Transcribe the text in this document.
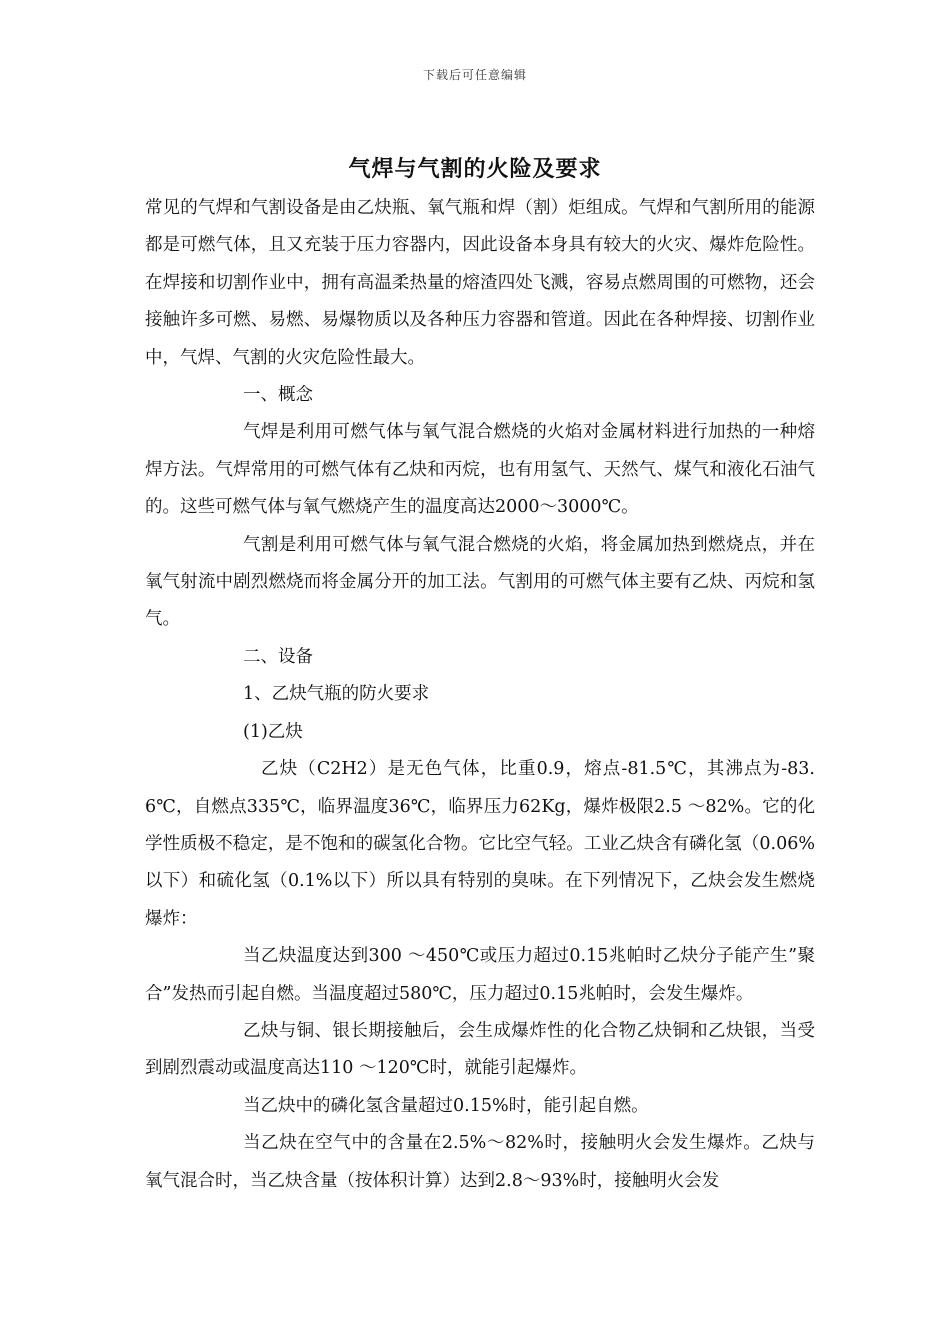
下载后可任意编辑
气焊与气割的火险及要求

常见的气焊和气割设备是由乙炔瓶、氧气瓶和焊（割）炬组成。气焊和气割所用的能源都是可燃气体，且又充装于压力容器内，因此设备本身具有较大的火灾、爆炸危险性。在焊接和切割作业中，拥有高温柔热量的熔渣四处飞溅，容易点燃周围的可燃物，还会接触许多可燃、易燃、易爆物质以及各种压力容器和管道。因此在各种焊接、切割作业中，气焊、气割的火灾危险性最大。

一、概念

气焊是利用可燃气体与氧气混合燃烧的火焰对金属材料进行加热的一种熔焊方法。气焊常用的可燃气体有乙炔和丙烷，也有用氢气、天然气、煤气和液化石油气的。这些可燃气体与氧气燃烧产生的温度高达2000～3000℃。

气割是利用可燃气体与氧气混合燃烧的火焰，将金属加热到燃烧点，并在氧气射流中剧烈燃烧而将金属分开的加工法。气割用的可燃气体主要有乙炔、丙烷和氢气。

二、设备

1、乙炔气瓶的防火要求

(1)乙炔

乙炔（C2H2）是无色气体，比重0.9，熔点-81.5℃，其沸点为-83.6℃，自燃点335℃，临界温度36℃，临界压力62Kg，爆炸极限2.5 ～82%。它的化学性质极不稳定，是不饱和的碳氢化合物。它比空气轻。工业乙炔含有磷化氢（0.06%以下）和硫化氢（0.1%以下）所以具有特别的臭味。在下列情况下，乙炔会发生燃烧爆炸：

当乙炔温度达到300 ～450℃或压力超过0.15兆帕时乙炔分子能产生”聚合”发热而引起自燃。当温度超过580℃，压力超过0.15兆帕时，会发生爆炸。

乙炔与铜、银长期接触后，会生成爆炸性的化合物乙炔铜和乙炔银，当受到剧烈震动或温度高达110 ～120℃时，就能引起爆炸。

当乙炔中的磷化氢含量超过0.15%时，能引起自燃。

当乙炔在空气中的含量在2.5%～82%时，接触明火会发生爆炸。乙炔与氧气混合时，当乙炔含量（按体积计算）达到2.8～93%时，接触明火会发
